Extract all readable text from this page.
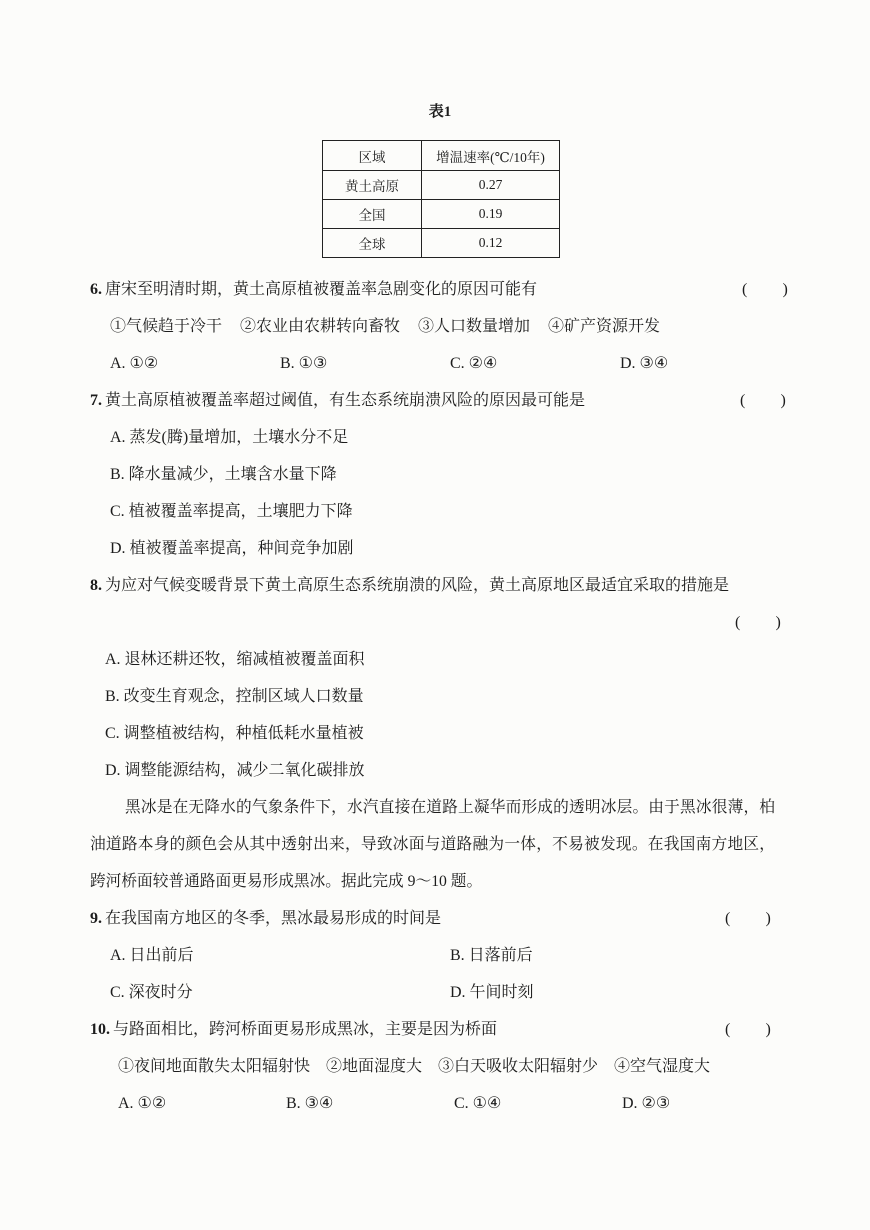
表1
区域	增温速率(℃/10年)
黄土高原	0.27
全国	0.19
全球	0.12
6. 唐宋至明清时期，黄土高原植被覆盖率急剧变化的原因可能有	(      )
①气候趋于冷干 ②农业由农耕转向畜牧 ③人口数量增加 ④矿产资源开发
A. ①②	B. ①③	C. ②④	D. ③④
7. 黄土高原植被覆盖率超过阈值，有生态系统崩溃风险的原因最可能是	(      )
A. 蒸发(腾)量增加，土壤水分不足
B. 降水量减少，土壤含水量下降
C. 植被覆盖率提高，土壤肥力下降
D. 植被覆盖率提高，种间竞争加剧
8. 为应对气候变暖背景下黄土高原生态系统崩溃的风险，黄土高原地区最适宜采取的措施是
(      )
A. 退林还耕还牧，缩减植被覆盖面积
B. 改变生育观念，控制区域人口数量
C. 调整植被结构，种植低耗水量植被
D. 调整能源结构，减少二氧化碳排放
黑冰是在无降水的气象条件下，水汽直接在道路上凝华而形成的透明冰层。由于黑冰很薄，柏
油道路本身的颜色会从其中透射出来，导致冰面与道路融为一体，不易被发现。在我国南方地区，
跨河桥面较普通路面更易形成黑冰。据此完成 9～10 题。
9. 在我国南方地区的冬季，黑冰最易形成的时间是	(      )
A. 日出前后	B. 日落前后
C. 深夜时分	D. 午间时刻
10. 与路面相比，跨河桥面更易形成黑冰，主要是因为桥面	(      )
①夜间地面散失太阳辐射快 ②地面湿度大 ③白天吸收太阳辐射少 ④空气湿度大
A. ①②	B. ③④	C. ①④	D. ②③
